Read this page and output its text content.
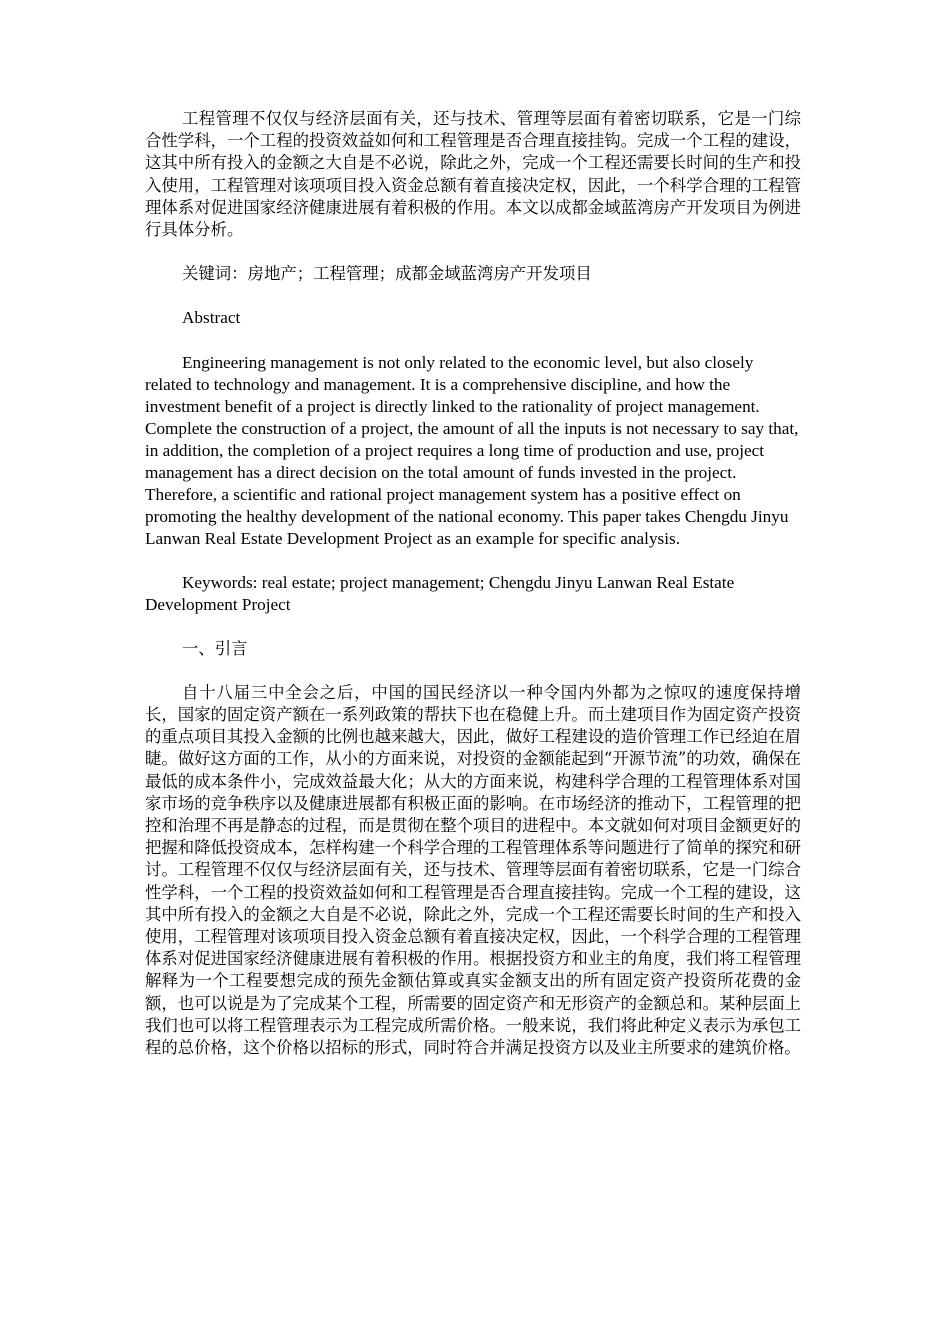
工程管理不仅仅与经济层面有关，还与技术、管理等层面有着密切联系，它是一门综合性学科，一个工程的投资效益如何和工程管理是否合理直接挂钩。完成一个工程的建设，这其中所有投入的金额之大自是不必说，除此之外，完成一个工程还需要长时间的生产和投入使用，工程管理对该项项目投入资金总额有着直接决定权，因此，一个科学合理的工程管理体系对促进国家经济健康进展有着积极的作用。本文以成都金域蓝湾房产开发项目为例进行具体分析。

关键词：房地产；工程管理；成都金域蓝湾房产开发项目

Abstract

Engineering management is not only related to the economic level, but also closely related to technology and management. It is a comprehensive discipline, and how the investment benefit of a project is directly linked to the rationality of project management. Complete the construction of a project, the amount of all the inputs is not necessary to say that, in addition, the completion of a project requires a long time of production and use, project management has a direct decision on the total amount of funds invested in the project. Therefore, a scientific and rational project management system has a positive effect on promoting the healthy development of the national economy. This paper takes Chengdu Jinyu Lanwan Real Estate Development Project as an example for specific analysis.

Keywords: real estate; project management; Chengdu Jinyu Lanwan Real Estate Development Project

一、引言

自十八届三中全会之后，中国的国民经济以一种令国内外都为之惊叹的速度保持增长，国家的固定资产额在一系列政策的帮扶下也在稳健上升。而土建项目作为固定资产投资的重点项目其投入金额的比例也越来越大，因此，做好工程建设的造价管理工作已经迫在眉睫。做好这方面的工作，从小的方面来说，对投资的金额能起到“开源节流”的功效，确保在最低的成本条件小，完成效益最大化；从大的方面来说，构建科学合理的工程管理体系对国家市场的竞争秩序以及健康进展都有积极正面的影响。在市场经济的推动下，工程管理的把控和治理不再是静态的过程，而是贯彻在整个项目的进程中。本文就如何对项目金额更好的把握和降低投资成本，怎样构建一个科学合理的工程管理体系等问题进行了简单的探究和研讨。工程管理不仅仅与经济层面有关，还与技术、管理等层面有着密切联系，它是一门综合性学科，一个工程的投资效益如何和工程管理是否合理直接挂钩。完成一个工程的建设，这其中所有投入的金额之大自是不必说，除此之外，完成一个工程还需要长时间的生产和投入使用，工程管理对该项项目投入资金总额有着直接决定权，因此，一个科学合理的工程管理体系对促进国家经济健康进展有着积极的作用。根据投资方和业主的角度，我们将工程管理解释为一个工程要想完成的预先金额估算或真实金额支出的所有固定资产投资所花费的金额，也可以说是为了完成某个工程，所需要的固定资产和无形资产的金额总和。某种层面上我们也可以将工程管理表示为工程完成所需价格。一般来说，我们将此种定义表示为承包工程的总价格，这个价格以招标的形式，同时符合并满足投资方以及业主所要求的建筑价格。
